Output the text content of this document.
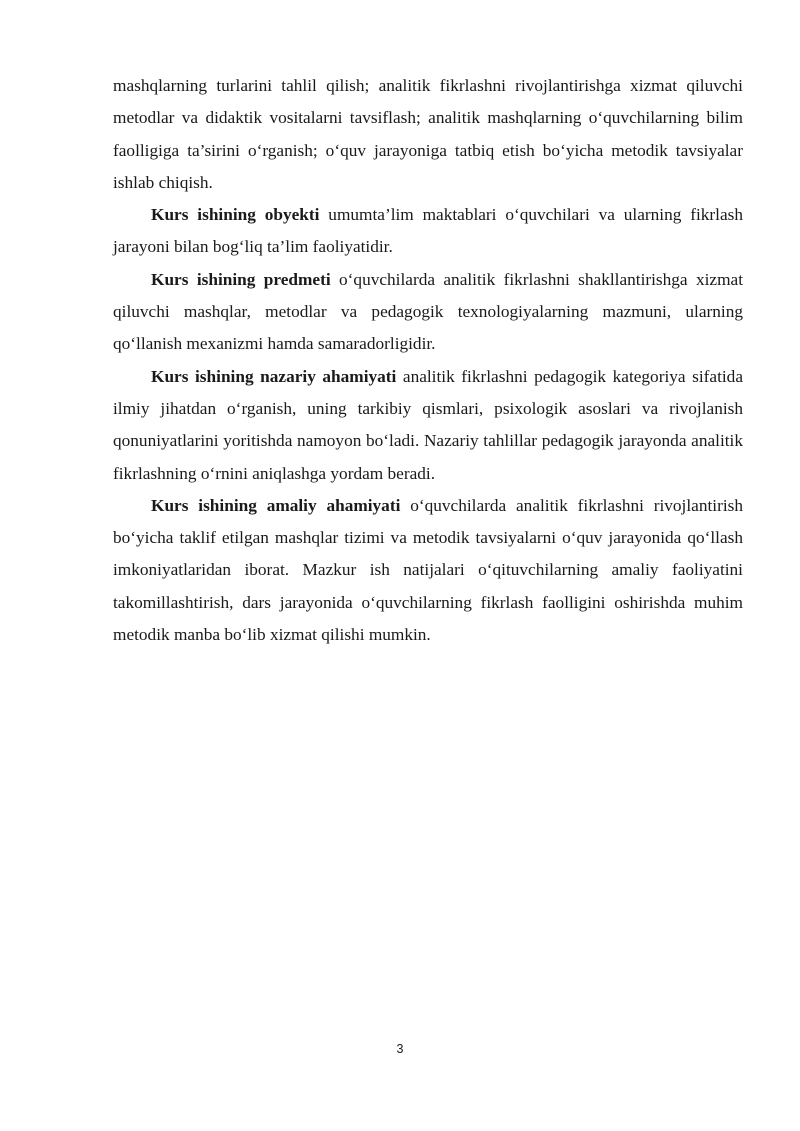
mashqlarning turlarini tahlil qilish; analitik fikrlashni rivojlantirishga xizmat qiluvchi metodlar va didaktik vositalarni tavsiflash; analitik mashqlarning o‘quvchilarning bilim faolligiga ta’sirini o‘rganish; o‘quv jarayoniga tatbiq etish bo‘yicha metodik tavsiyalar ishlab chiqish.

Kurs ishining obyekti umumta’lim maktablari o‘quvchilari va ularning fikrlash jarayoni bilan bog‘liq ta’lim faoliyatidir.

Kurs ishining predmeti o‘quvchilarda analitik fikrlashni shakllantirishga xizmat qiluvchi mashqlar, metodlar va pedagogik texnologiyalarning mazmuni, ularning qo‘llanish mexanizmi hamda samaradorligidir.

Kurs ishining nazariy ahamiyati analitik fikrlashni pedagogik kategoriya sifatida ilmiy jihatdan o‘rganish, uning tarkibiy qismlari, psixologik asoslari va rivojlanish qonuniyatlarini yoritishda namoyon bo‘ladi. Nazariy tahlillar pedagogik jarayonda analitik fikrlashning o‘rnini aniqlashga yordam beradi.

Kurs ishining amaliy ahamiyati o‘quvchilarda analitik fikrlashni rivojlantirish bo‘yicha taklif etilgan mashqlar tizimi va metodik tavsiyalarni o‘quv jarayonida qo‘llash imkoniyatlaridan iborat. Mazkur ish natijalari o‘qituvchilarning amaliy faoliyatini takomillashtirish, dars jarayonida o‘quvchilarning fikrlash faolligini oshirishda muhim metodik manba bo‘lib xizmat qilishi mumkin.

3
